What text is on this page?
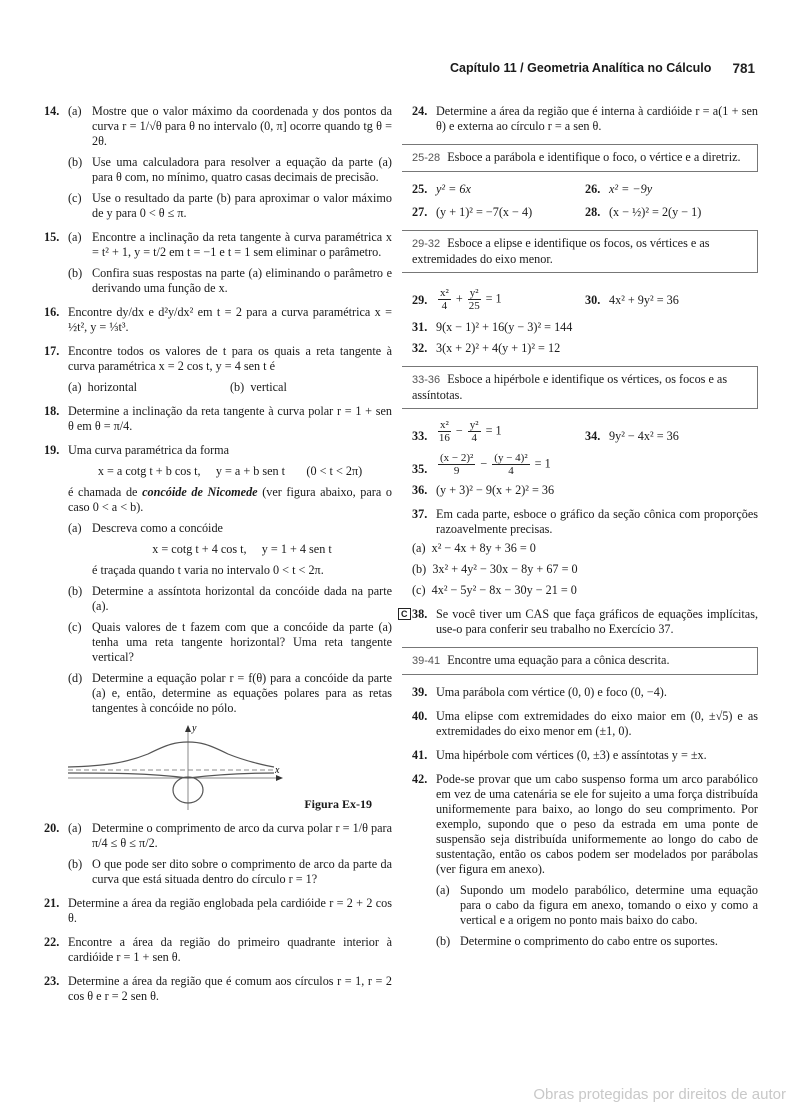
Capítulo 11 / Geometria Analítica no Cálculo 781
14. (a) Mostre que o valor máximo da coordenada y dos pontos da curva r = 1/√θ para θ no intervalo (0, π] ocorre quando tg θ = 2θ.
(b) Use uma calculadora para resolver a equação da parte (a) para θ com, no mínimo, quatro casas decimais de precisão.
(c) Use o resultado da parte (b) para aproximar o valor máximo de y para 0 < θ ≤ π.
15. (a) Encontre a inclinação da reta tangente à curva paramétrica x = t² + 1, y = t/2 em t = −1 e t = 1 sem eliminar o parâmetro.
(b) Confira suas respostas na parte (a) eliminando o parâmetro e derivando uma função de x.
16. Encontre dy/dx e d²y/dx² em t = 2 para a curva paramétrica x = ½t², y = ⅓t³.
17. Encontre todos os valores de t para os quais a reta tangente à curva paramétrica x = 2 cos t, y = 4 sen t é
(a) horizontal	(b) vertical
18. Determine a inclinação da reta tangente à curva polar r = 1 + sen θ em θ = π/4.
19. Uma curva paramétrica da forma
x = a cotg t + b cos t,     y = a + b sen t       (0 < t < 2π)
é chamada de concóide de Nicomede (ver figura abaixo, para o caso 0 < a < b).
(a) Descreva como a concóide
x = cotg t + 4 cos t,     y = 1 + 4 sen t
é traçada quando t varia no intervalo 0 < t < 2π.
(b) Determine a assíntota horizontal da concóide dada na parte (a).
(c) Quais valores de t fazem com que a concóide da parte (a) tenha uma reta tangente horizontal? Uma reta tangente vertical?
(d) Determine a equação polar r = f(θ) para a concóide da parte (a) e, então, determine as equações polares para as retas tangentes à concóide no pólo.
y
x
Figura Ex-19
20. (a) Determine o comprimento de arco da curva polar r = 1/θ para π/4 ≤ θ ≤ π/2.
(b) O que pode ser dito sobre o comprimento de arco da parte da curva que está situada dentro do círculo r = 1?
21. Determine a área da região englobada pela cardióide r = 2 + 2 cos θ.
22. Encontre a área da região do primeiro quadrante interior à cardióide r = 1 + sen θ.
23. Determine a área da região que é comum aos círculos r = 1, r = 2 cos θ e r = 2 sen θ.
24. Determine a área da região que é interna à cardióide r = a(1 + sen θ) e externa ao círculo r = a sen θ.
25-28 Esboce a parábola e identifique o foco, o vértice e a diretriz.
25. y² = 6x	26. x² = −9y
27. (y + 1)² = −7(x − 4)	28. (x − ½)² = 2(y − 1)
29-32 Esboce a elipse e identifique os focos, os vértices e as extremidades do eixo menor.
29. $\frac{\text{x²}}{4} + \frac{\text{y²}}{25} = 1$	30. 4x² + 9y² = 36
31. 9(x − 1)² + 16(y − 3)² = 144
32. 3(x + 2)² + 4(y + 1)² = 12
33-36 Esboce a hipérbole e identifique os vértices, os focos e as assíntotas.
33. $\frac{\text{x²}}{16} - \frac{\text{y²}}{4} = 1$	34. 9y² − 4x² = 36
35. $\frac{\text{(x − 2)²}}{9} - \frac{\text{(y − 4)²}}{4} = 1$
36. (y + 3)² − 9(x + 2)² = 36
37. Em cada parte, esboce o gráfico da seção cônica com proporções razoavelmente precisas.
(a) x² − 4x + 8y + 36 = 0
(b) 3x² + 4y² − 30x − 8y + 67 = 0
(c) 4x² − 5y² − 8x − 30y − 21 = 0
C 38. Se você tiver um CAS que faça gráficos de equações implícitas, use-o para conferir seu trabalho no Exercício 37.
39-41 Encontre uma equação para a cônica descrita.
39. Uma parábola com vértice (0, 0) e foco (0, −4).
40. Uma elipse com extremidades do eixo maior em (0, ±√5) e as extremidades do eixo menor em (±1, 0).
41. Uma hipérbole com vértices (0, ±3) e assíntotas y = ±x.
42. Pode-se provar que um cabo suspenso forma um arco parabólico em vez de uma catenária se ele for sujeito a uma força distribuída uniformemente para baixo, ao longo do seu comprimento. Por exemplo, supondo que o peso da estrada em uma ponte de suspensão seja distribuída uniformemente ao longo do cabo de sustentação, então os cabos podem ser modelados por parábolas (ver figura em anexo).
(a) Supondo um modelo parabólico, determine uma equação para o cabo da figura em anexo, tomando o eixo y como a vertical e a origem no ponto mais baixo do cabo.
(b) Determine o comprimento do cabo entre os suportes.
Obras protegidas por direitos de autor
